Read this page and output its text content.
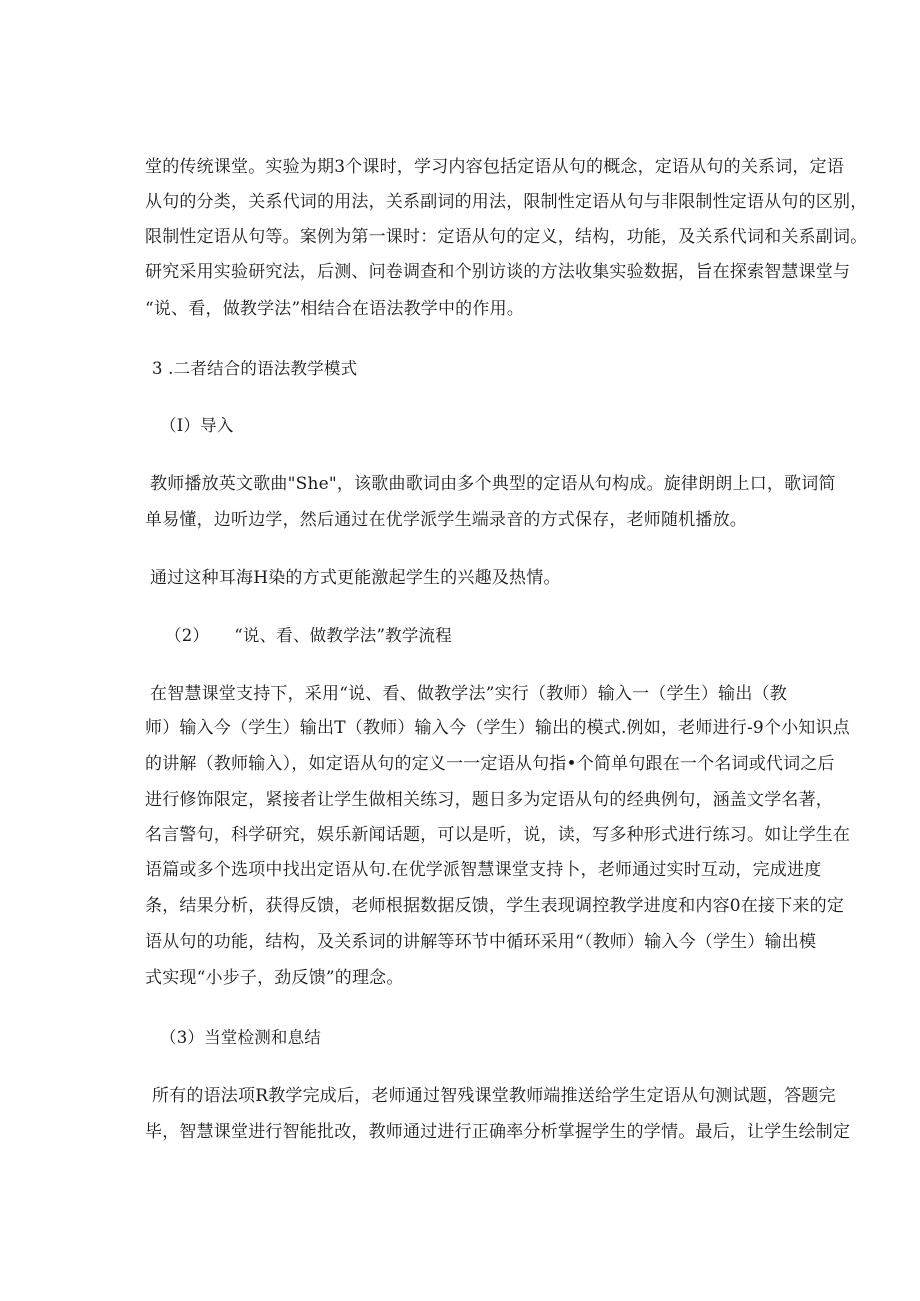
堂的传统课堂。实验为期3个课时，学习内容包括定语从句的概念，定语从句的关系词，定语
从句的分类，关系代词的用法，关系副词的用法，限制性定语从句与非限制性定语从句的区别，
限制性定语从句等。案例为第一课时：定语从句的定义，结构，功能，及关系代词和关系副词。
研究采用实验研究法，后测、问卷调查和个别访谈的方法收集实验数据，旨在探索智慧课堂与
“说、看，做教学法”相结合在语法教学中的作用。
3 .二者结合的语法教学模式
（I）导入
教师播放英文歌曲"She"，该歌曲歌词由多个典型的定语从句构成。旋律朗朗上口，歌词简
单易懂，边听边学，然后通过在优学派学生端录音的方式保存，老师随机播放。
通过这种耳海H染的方式更能激起学生的兴趣及热情。
（2）　　“说、看、做教学法”教学流程
在智慧课堂支持下，采用“说、看、做教学法”实行（教师）输入一（学生）输出（教
师）输入今（学生）输出T（教师）输入今（学生）输出的模式.例如，老师进行-9个小知识点
的讲解（教师输入），如定语从句的定义一一定语从句指•个简单句跟在一个名词或代词之后
进行修饰限定，紧接者让学生做相关练习，题日多为定语从句的经典例句，涵盖文学名著，
名言警句，科学研究，娱乐新闻话题，可以是听，说，读，写多种形式进行练习。如让学生在
语篇或多个选项中找出定语从句.在优学派智慧课堂支持卜，老师通过实时互动，完成进度
条，结果分析，获得反馈，老师根据数据反馈，学生表现调控教学进度和内容0在接下来的定
语从句的功能，结构，及关系词的讲解等环节中循环采用“（教师）输入今（学生）输出模
式实现“小步子，劲反馈”的理念。
（3）当堂检测和息结
所有的语法项R教学完成后，老师通过智残课堂教师端推送给学生定语从句测试题，答题完
毕，智慧课堂进行智能批改，教师通过进行正确率分析掌握学生的学情。最后，让学生绘制定
